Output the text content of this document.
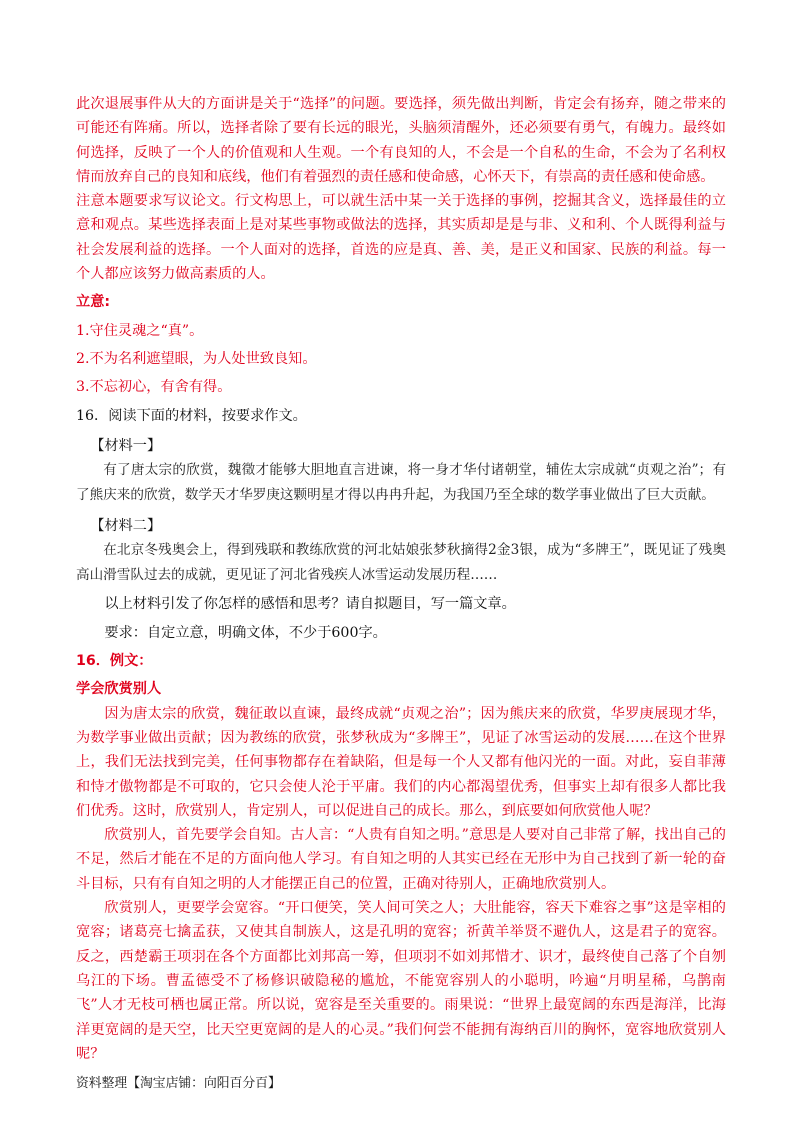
此次退展事件从大的方面讲是关于“选择”的问题。要选择，须先做出判断，肯定会有扬弃，随之带来的可能还有阵痛。所以，选择者除了要有长远的眼光，头脑须清醒外，还必须要有勇气，有魄力。最终如何选择，反映了一个人的价值观和人生观。一个有良知的人，不会是一个自私的生命，不会为了名利权情而放弃自己的良知和底线，他们有着强烈的责任感和使命感，心怀天下，有崇高的责任感和使命感。

注意本题要求写议论文。行文构思上，可以就生活中某一关于选择的事例，挖掘其含义，选择最佳的立意和观点。某些选择表面上是对某些事物或做法的选择，其实质却是是与非、义和利、个人既得利益与社会发展利益的选择。一个人面对的选择，首选的应是真、善、美，是正义和国家、民族的利益。每一个人都应该努力做高素质的人。

立意:

1.守住灵魂之“真”。

2.不为名利遮望眼，为人处世致良知。

3.不忘初心，有舍有得。

16．阅读下面的材料，按要求作文。

【材料一】

有了唐太宗的欣赏，魏徵才能够大胆地直言进谏，将一身才华付诸朝堂，辅佐太宗成就“贞观之治”；有了熊庆来的欣赏，数学天才华罗庚这颗明星才得以冉冉升起，为我国乃至全球的数学事业做出了巨大贡献。

【材料二】

在北京冬残奥会上，得到残联和教练欣赏的河北姑娘张梦秋摘得2金3银，成为“多牌王”，既见证了残奥高山滑雪队过去的成就，更见证了河北省残疾人冰雪运动发展历程……

以上材料引发了你怎样的感悟和思考？请自拟题目，写一篇文章。

要求：自定立意，明确文体，不少于600字。

16．例文：

学会欣赏别人

因为唐太宗的欣赏，魏征敢以直谏，最终成就“贞观之治”；因为熊庆来的欣赏，华罗庚展现才华，为数学事业做出贡献；因为教练的欣赏，张梦秋成为“多牌王”，见证了冰雪运动的发展……在这个世界上，我们无法找到完美，任何事物都存在着缺陷，但是每一个人又都有他闪光的一面。对此，妄自菲薄和恃才傲物都是不可取的，它只会使人沦于平庸。我们的内心都渴望优秀，但事实上却有很多人都比我们优秀。这时，欣赏别人，肯定别人，可以促进自己的成长。那么，到底要如何欣赏他人呢？

欣赏别人，首先要学会自知。古人言：“人贵有自知之明。”意思是人要对自己非常了解，找出自己的不足，然后才能在不足的方面向他人学习。有自知之明的人其实已经在无形中为自己找到了新一轮的奋斗目标，只有有自知之明的人才能摆正自己的位置，正确对待别人，正确地欣赏别人。

欣赏别人，更要学会宽容。“开口便笑，笑人间可笑之人；大肚能容，容天下难容之事”这是宰相的宽容；诸葛亮七擒孟获，又使其自制族人，这是孔明的宽容；祈黄羊举贤不避仇人，这是君子的宽容。反之，西楚霸王项羽在各个方面都比刘邦高一筹，但项羽不如刘邦惜才、识才，最终使自己落了个自刎乌江的下场。曹孟德受不了杨修识破隐秘的尴尬，不能宽容别人的小聪明，吟遍“月明星稀，乌鹊南飞”人才无枝可栖也属正常。所以说，宽容是至关重要的。雨果说：“世界上最宽阔的东西是海洋，比海洋更宽阔的是天空，比天空更宽阔的是人的心灵。”我们何尝不能拥有海纳百川的胸怀，宽容地欣赏别人呢？

资料整理【淘宝店铺：向阳百分百】
